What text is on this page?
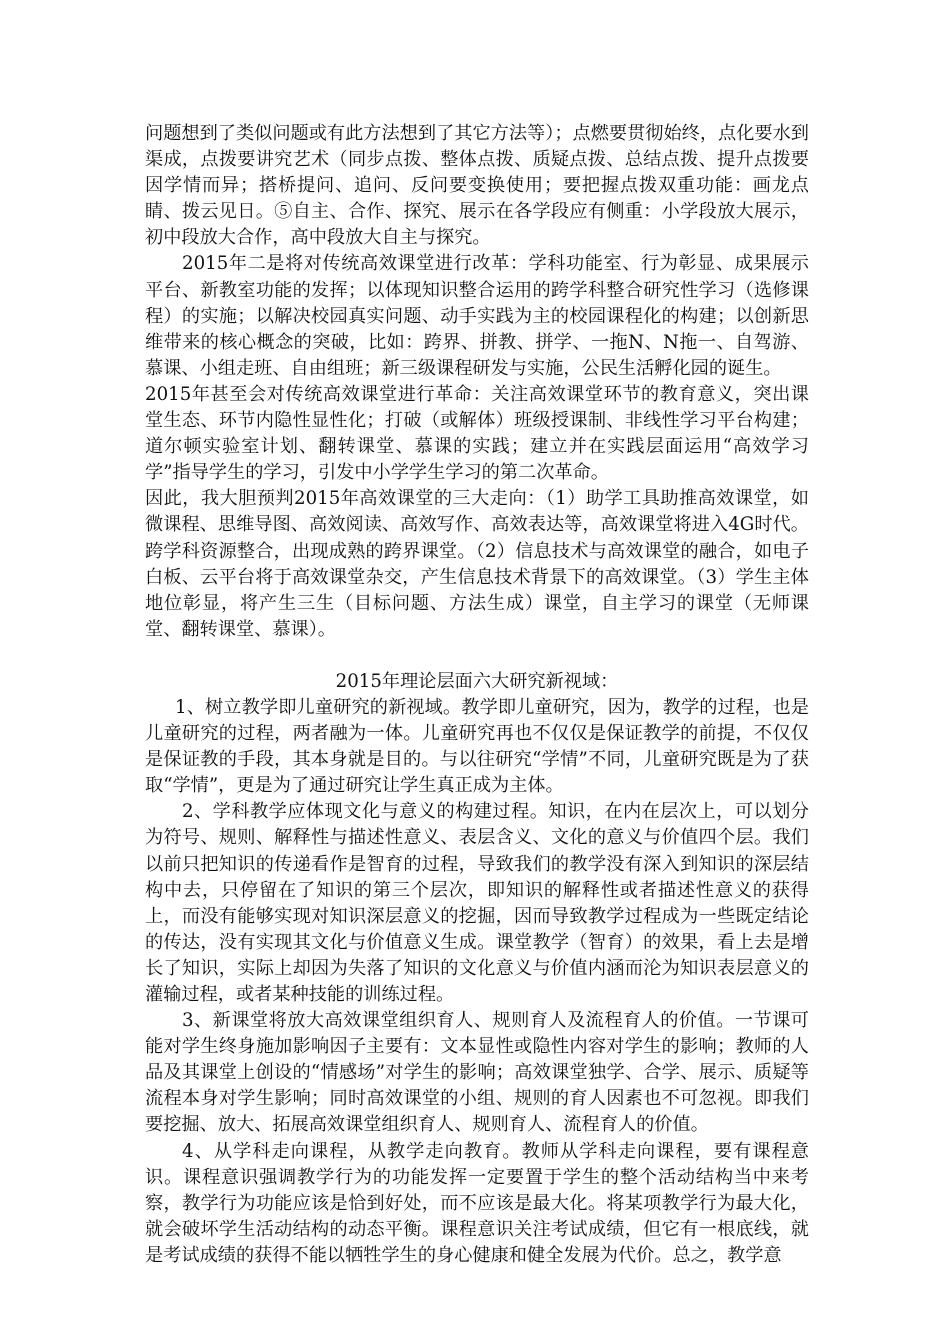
问题想到了类似问题或有此方法想到了其它方法等）；点燃要贯彻始终，点化要水到渠成，点拨要讲究艺术（同步点拨、整体点拨、质疑点拨、总结点拨、提升点拨要因学情而异；搭桥提问、追问、反问要变换使用；要把握点拨双重功能：画龙点睛、拨云见日。⑤自主、合作、探究、展示在各学段应有侧重：小学段放大展示，初中段放大合作，高中段放大自主与探究。

2015年二是将对传统高效课堂进行改革：学科功能室、行为彰显、成果展示平台、新教室功能的发挥；以体现知识整合运用的跨学科整合研究性学习（选修课程）的实施；以解决校园真实问题、动手实践为主的校园课程化的构建；以创新思维带来的核心概念的突破，比如：跨界、拼教、拼学、一拖N、N拖一、自驾游、慕课、小组走班、自由组班；新三级课程研发与实施，公民生活孵化园的诞生。

2015年甚至会对传统高效课堂进行革命：关注高效课堂环节的教育意义，突出课堂生态、环节内隐性显性化；打破（或解体）班级授课制、非线性学习平台构建；道尔顿实验室计划、翻转课堂、慕课的实践；建立并在实践层面运用“高效学习学”指导学生的学习，引发中小学学生学习的第二次革命。

因此，我大胆预判2015年高效课堂的三大走向：（1）助学工具助推高效课堂，如微课程、思维导图、高效阅读、高效写作、高效表达等，高效课堂将进入4G时代。跨学科资源整合，出现成熟的跨界课堂。（2）信息技术与高效课堂的融合，如电子白板、云平台将于高效课堂杂交，产生信息技术背景下的高效课堂。（3）学生主体地位彰显，将产生三生（目标问题、方法生成）课堂，自主学习的课堂（无师课堂、翻转课堂、慕课）。

2015年理论层面六大研究新视域：

1、树立教学即儿童研究的新视域。教学即儿童研究，因为，教学的过程，也是儿童研究的过程，两者融为一体。儿童研究再也不仅仅是保证教学的前提，不仅仅是保证教的手段，其本身就是目的。与以往研究“学情”不同，儿童研究既是为了获取“学情”，更是为了通过研究让学生真正成为主体。

2、学科教学应体现文化与意义的构建过程。知识，在内在层次上，可以划分为符号、规则、解释性与描述性意义、表层含义、文化的意义与价值四个层。我们以前只把知识的传递看作是智育的过程，导致我们的教学没有深入到知识的深层结构中去，只停留在了知识的第三个层次，即知识的解释性或者描述性意义的获得上，而没有能够实现对知识深层意义的挖掘，因而导致教学过程成为一些既定结论的传达，没有实现其文化与价值意义生成。课堂教学（智育）的效果，看上去是增长了知识，实际上却因为失落了知识的文化意义与价值内涵而沦为知识表层意义的灌输过程，或者某种技能的训练过程。

3、新课堂将放大高效课堂组织育人、规则育人及流程育人的价值。一节课可能对学生终身施加影响因子主要有：文本显性或隐性内容对学生的影响；教师的人品及其课堂上创设的“情感场”对学生的影响；高效课堂独学、合学、展示、质疑等流程本身对学生影响；同时高效课堂的小组、规则的育人因素也不可忽视。即我们要挖掘、放大、拓展高效课堂组织育人、规则育人、流程育人的价值。

4、从学科走向课程，从教学走向教育。教师从学科走向课程，要有课程意识。课程意识强调教学行为的功能发挥一定要置于学生的整个活动结构当中来考察，教学行为功能应该是恰到好处，而不应该是最大化。将某项教学行为最大化，就会破坏学生活动结构的动态平衡。课程意识关注考试成绩，但它有一根底线，就是考试成绩的获得不能以牺牲学生的身心健康和健全发展为代价。总之，教学意
